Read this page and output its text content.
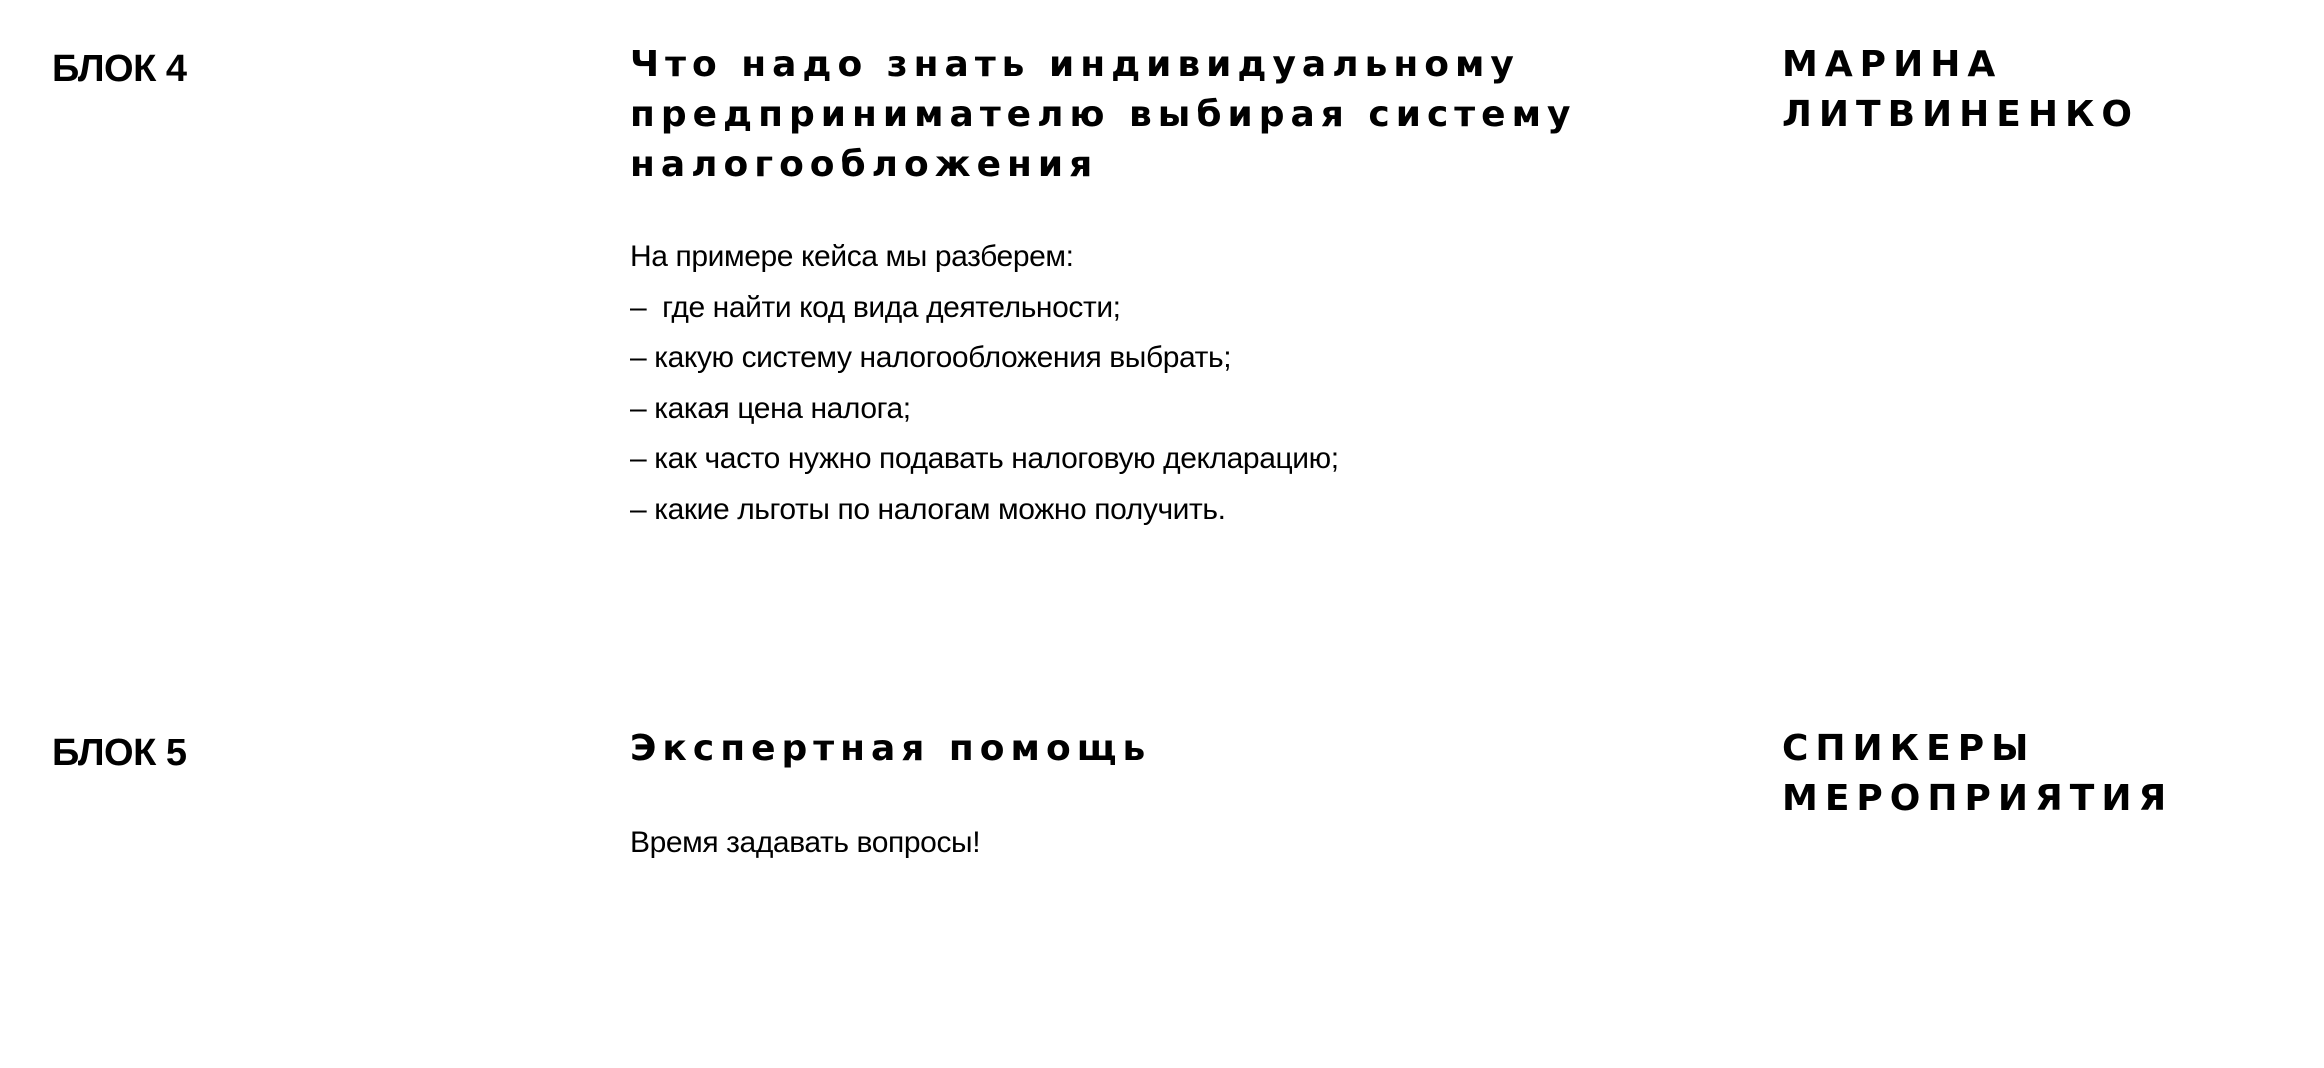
БЛОК 4	Что надо знать индивидуальному предпринимателю выбирая систему налогообложения

На примере кейса мы разберем:

–  где найти код вида деятельности;

– какую систему налогообложения выбрать;

– какая цена налога;

– как часто нужно подавать налоговую декларацию;

– какие льготы по налогам можно получить.

МАРИНА
ЛИТВИНЕНКО
БЛОК 5	Экспертная помощь

Время задавать вопросы!

СПИКЕРЫ
МЕРОПРИЯТИЯ
